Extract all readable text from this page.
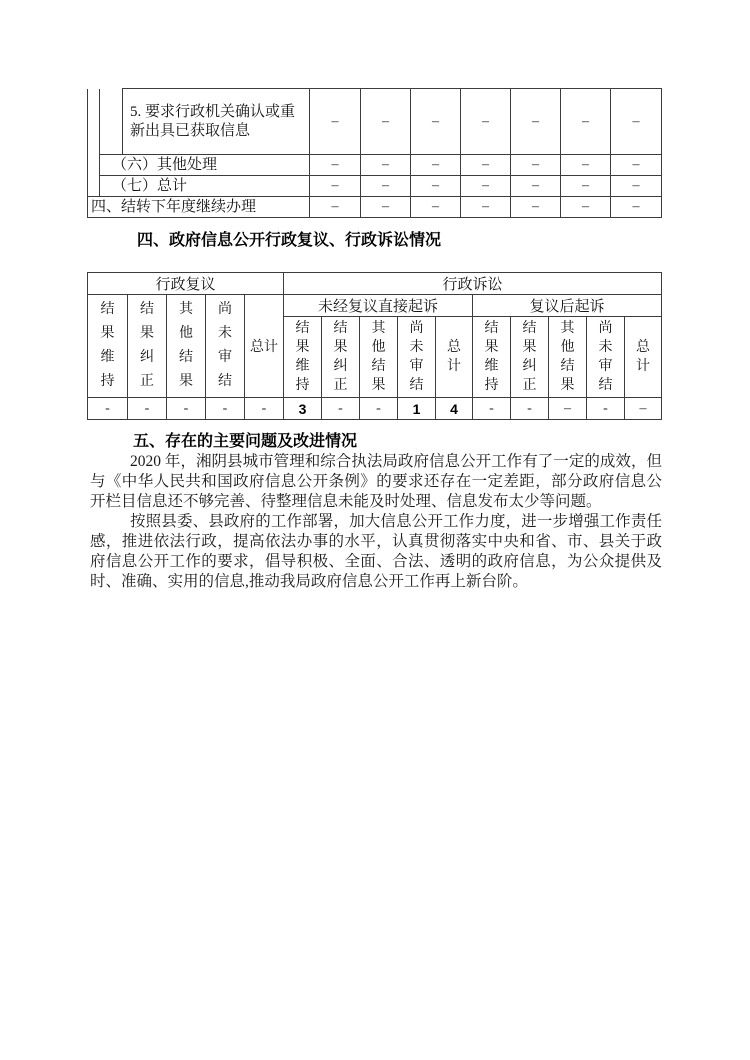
		5. 要求行政机关确认或重新出具已获取信息	–	–	–	–	–	–	–
	（六）其他处理		–	–	–	–	–	–	–
	（七）总计		–	–	–	–	–	–	–
四、结转下年度继续办理			–	–	–	–	–	–	–
四、政府信息公开行政复议、行政诉讼情况
行政复议					行政诉讼									

结果维持	结果纠正	其他结果	尚未审结	总计	未经复议直接起诉					复议后起诉				

					结果维持	结果纠正	其他结果	尚未审结	总计	结果维持	结果纠正	其他结果	尚未审结	总计

-	-	-	-	-	3	-	-	1	4	-	-	–	-	–
五、存在的主要问题及改进情况

2020 年，湘阴县城市管理和综合执法局政府信息公开工作有了一定的成效，但与《中华人民共和国政府信息公开条例》的要求还存在一定差距，部分政府信息公开栏目信息还不够完善、待整理信息未能及时处理、信息发布太少等问题。

按照县委、县政府的工作部署，加大信息公开工作力度，进一步增强工作责任感，推进依法行政，提高依法办事的水平，认真贯彻落实中央和省、市、县关于政府信息公开工作的要求，倡导积极、全面、合法、透明的政府信息，为公众提供及时、准确、实用的信息,推动我局政府信息公开工作再上新台阶。
